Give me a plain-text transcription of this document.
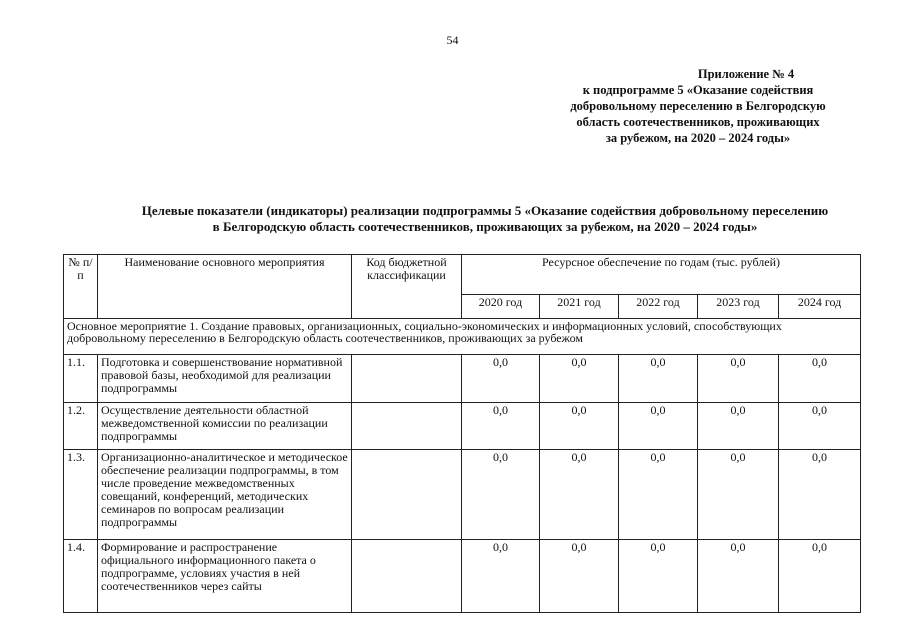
54
Приложение № 4
к подпрограмме 5 «Оказание содействия
добровольному переселению в Белгородскую
область соотечественников, проживающих
за рубежом, на 2020 – 2024 годы»
Целевые показатели (индикаторы) реализации подпрограммы 5 «Оказание содействия добровольному переселению
в Белгородскую область соотечественников, проживающих за рубежом, на 2020 – 2024 годы»
№ п/п	Наименование основного мероприятия	Код бюджетной классификации	Ресурсное обеспечение по годам (тыс. рублей)				
			2020 год	2021 год	2022 год	2023 год	2024 год
Основное мероприятие 1. Создание правовых, организационных, социально-экономических и информационных условий, способствующих добровольному переселению в Белгородскую область соотечественников, проживающих за рубежом							
1.1.	Подготовка и совершенствование нормативной правовой базы, необходимой для реализации подпрограммы		0,0	0,0	0,0	0,0	0,0
1.2.	Осуществление деятельности областной межведомственной комиссии по реализации подпрограммы		0,0	0,0	0,0	0,0	0,0
1.3.	Организационно-аналитическое и методическое обеспечение реализации подпрограммы, в том числе проведение межведомственных совещаний, конференций, методических семинаров по вопросам реализации подпрограммы		0,0	0,0	0,0	0,0	0,0
1.4.	Формирование и распространение официального информационного пакета о подпрограмме, условиях участия в ней соотечественников через сайты		0,0	0,0	0,0	0,0	0,0
